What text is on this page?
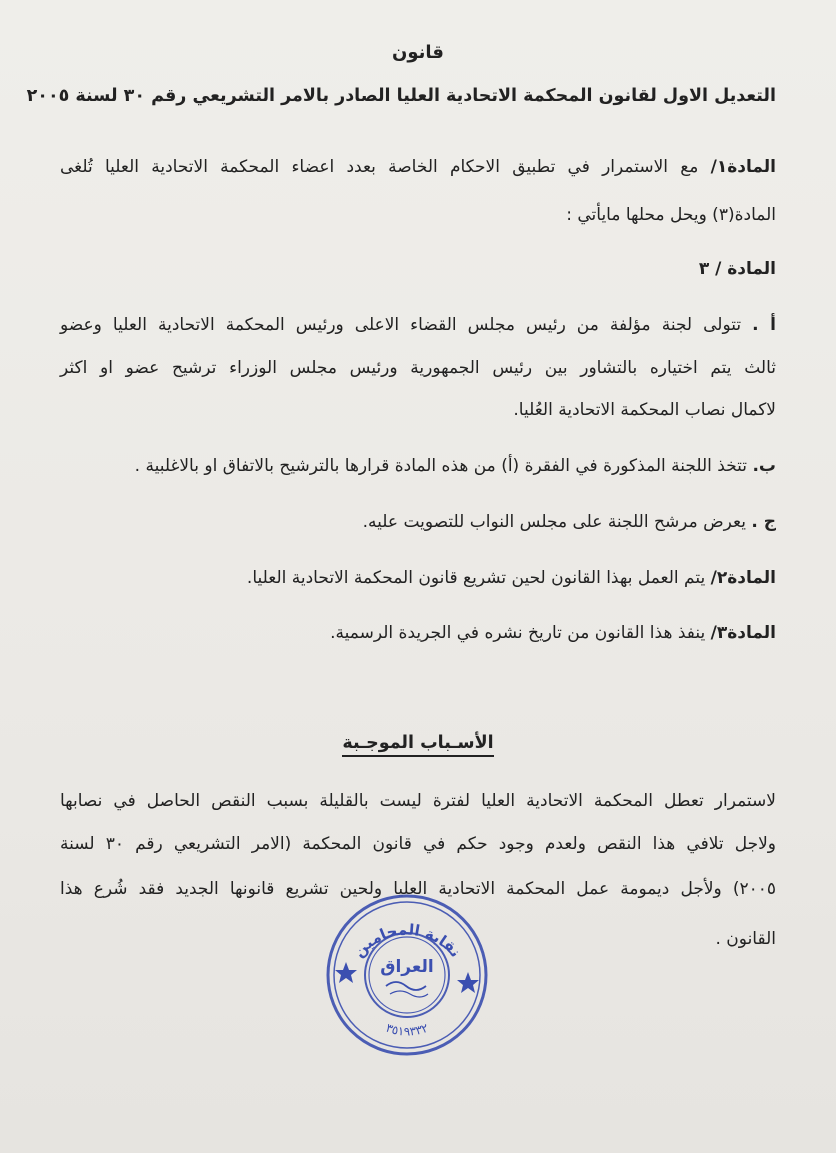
قانون
التعديل الاول لقانون المحكمة الاتحادية العليا الصادر بالامر التشريعي رقم ٣٠ لسنة ٢٠٠٥
المادة١/ مع الاستمرار في تطبيق الاحكام الخاصة بعدد اعضاء المحكمة الاتحادية العليا تُلغى
المادة(٣) ويحل محلها مايأتي :
المادة / ٣
أ . تتولى لجنة مؤلفة من رئيس مجلس القضاء الاعلى ورئيس المحكمة الاتحادية العليا وعضو
ثالث يتم اختياره بالتشاور بين رئيس الجمهورية ورئيس مجلس الوزراء ترشيح عضو او اكثر
لاكمال نصاب المحكمة الاتحادية العُليا.
ب. تتخذ اللجنة المذكورة في الفقرة (أ) من هذه المادة قرارها بالترشيح بالاتفاق او بالاغلبية .
ج . يعرض مرشح اللجنة على مجلس النواب للتصويت عليه.
المادة٢/ يتم العمل بهذا القانون لحين تشريع قانون المحكمة الاتحادية العليا.
المادة٣/ ينفذ هذا القانون من تاريخ نشره في الجريدة الرسمية.
الأسـباب الموجـبة
لاستمرار تعطل المحكمة الاتحادية العليا لفترة ليست بالقليلة بسبب النقص الحاصل في نصابها
ولاجل تلافي هذا النقص ولعدم وجود حكم في قانون المحكمة (الامر التشريعي رقم ٣٠ لسنة
٢٠٠٥) ولأجل ديمومة عمل المحكمة الاتحادية العليا ولحين تشريع قانونها الجديد فقد شُرع هذا
القانون .
نقابة المحامين
٣٥١٩٣٣٢
العراق
